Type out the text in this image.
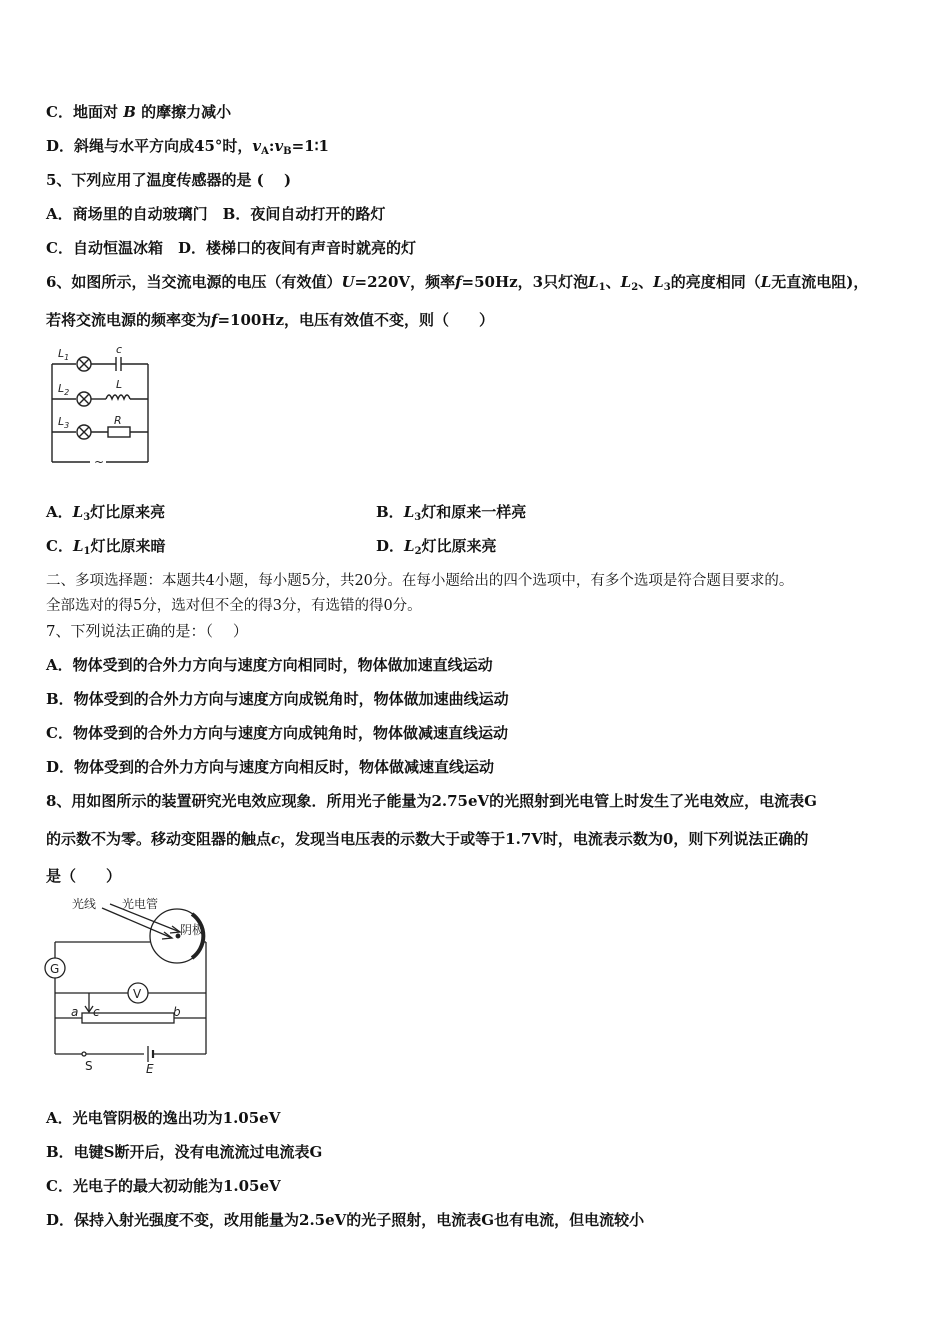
C．地面对 B 的摩擦力减小
D．斜绳与水平方向成45°时，$v_A:v_B=1∶1$
5、下列应用了温度传感器的是 (　 )
A．商场里的自动玻璃门　B．夜间自动打开的路灯
C．自动恒温冰箱　D．楼梯口的夜间有声音时就亮的灯
6、如图所示，当交流电源的电压（有效值）U=220V，频率f=50Hz，3只灯泡$L_1$、$L_2$、$L_3$的亮度相同（L无直流电阻)，
若将交流电源的频率变为f=100Hz，电压有效值不变，则（　　）
$L_1$
c
$L_2$
L
$L_3$	R
~
A．$L_3$灯比原来亮	B．$L_3$灯和原来一样亮
C．$L_1$灯比原来暗	D．$L_2$灯比原来亮
二、多项选择题：本题共4小题，每小题5分，共20分。在每小题给出的四个选项中，有多个选项是符合题目要求的。
全部选对的得5分，选对但不全的得3分，有选错的得0分。
7、下列说法正确的是：（　 ）
A．物体受到的合外力方向与速度方向相同时，物体做加速直线运动
B．物体受到的合外力方向与速度方向成锐角时，物体做加速曲线运动
C．物体受到的合外力方向与速度方向成钝角时，物体做减速直线运动
D．物体受到的合外力方向与速度方向相反时，物体做减速直线运动
8、用如图所示的装置研究光电效应现象．所用光子能量为2.75eV的光照射到光电管上时发生了光电效应，电流表G
的示数不为零。移动变阻器的触点c，发现当电压表的示数大于或等于1.7V时，电流表示数为0，则下列说法正确的
是（　　）
光线 光电管
阴极
G
V
a c	b
S	E
A．光电管阴极的逸出功为1.05eV
B．电键S断开后，没有电流流过电流表G
C．光电子的最大初动能为1.05eV
D．保持入射光强度不变，改用能量为2.5eV的光子照射，电流表G也有电流，但电流较小
